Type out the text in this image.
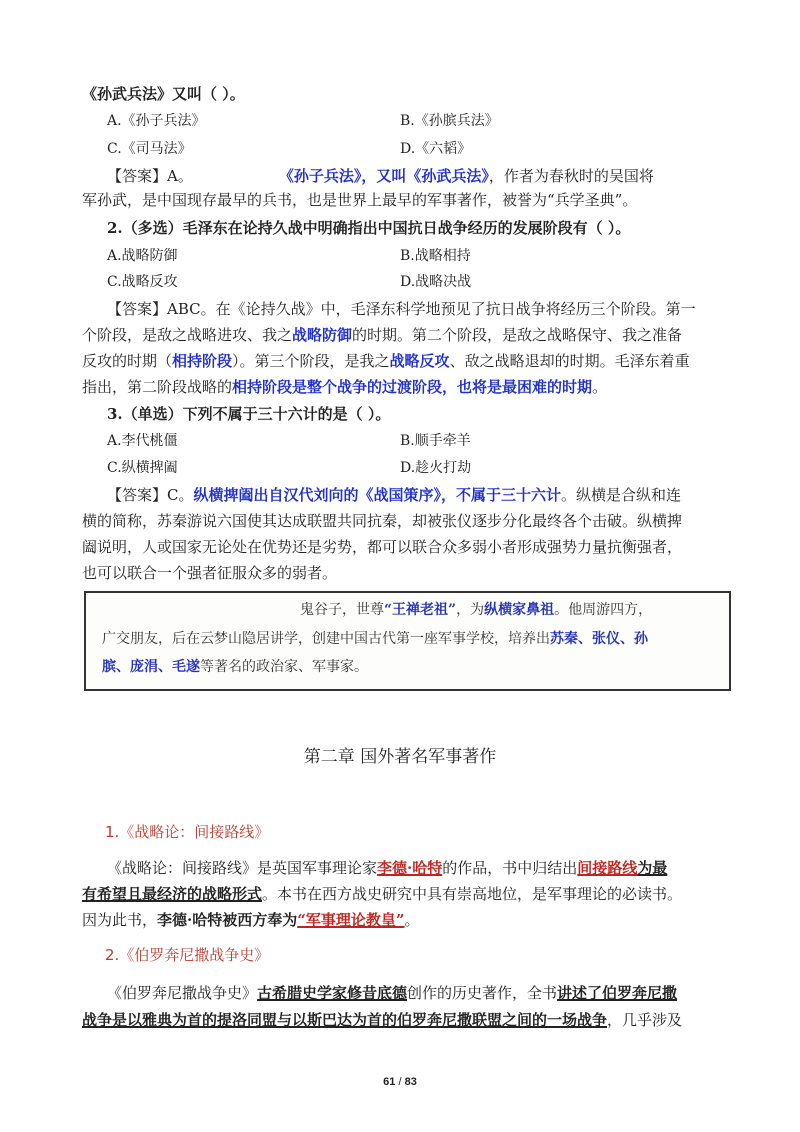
《孙武兵法》又叫（ ）。
A.《孙子兵法》	B.《孙膑兵法》
C.《司马法》	D.《六韬》
【答案】A。	《孙子兵法》，又叫《孙武兵法》，作者为春秋时的吴国将
军孙武，是中国现存最早的兵书，也是世界上最早的军事著作，被誉为“兵学圣典”。
2.（多选）毛泽东在论持久战中明确指出中国抗日战争经历的发展阶段有（ ）。
A.战略防御	B.战略相持
C.战略反攻	D.战略决战
【答案】ABC。在《论持久战》中，毛泽东科学地预见了抗日战争将经历三个阶段。第一
个阶段，是敌之战略进攻、我之战略防御的时期。第二个阶段，是敌之战略保守、我之准备
反攻的时期（相持阶段）。第三个阶段，是我之战略反攻、敌之战略退却的时期。毛泽东着重
指出，第二阶段战略的相持阶段是整个战争的过渡阶段，也将是最困难的时期。
3.（单选）下列不属于三十六计的是（ ）。
A.李代桃僵	B.顺手牵羊
C.纵横捭阖	D.趁火打劫
【答案】C。纵横捭阖出自汉代刘向的《战国策序》，不属于三十六计。纵横是合纵和连
横的简称，苏秦游说六国使其达成联盟共同抗秦，却被张仪逐步分化最终各个击破。纵横捭
阖说明，人或国家无论处在优势还是劣势，都可以联合众多弱小者形成强势力量抗衡强者，
也可以联合一个强者征服众多的弱者。
鬼谷子，世尊“王禅老祖”，为纵横家鼻祖。他周游四方，
广交朋友，后在云梦山隐居讲学，创建中国古代第一座军事学校，培养出苏秦、张仪、孙
膑、庞涓、毛遂等著名的政治家、军事家。
第二章 国外著名军事著作
1.《战略论：间接路线》
《战略论：间接路线》是英国军事理论家李德·哈特的作品，书中归结出间接路线为最
有希望且最经济的战略形式。本书在西方战史研究中具有崇高地位，是军事理论的必读书。
因为此书，李德·哈特被西方奉为“军事理论教皇”。
2.《伯罗奔尼撒战争史》
《伯罗奔尼撒战争史》古希腊史学家修昔底德创作的历史著作，全书讲述了伯罗奔尼撒
战争是以雅典为首的提洛同盟与以斯巴达为首的伯罗奔尼撒联盟之间的一场战争，几乎涉及
61 / 83
